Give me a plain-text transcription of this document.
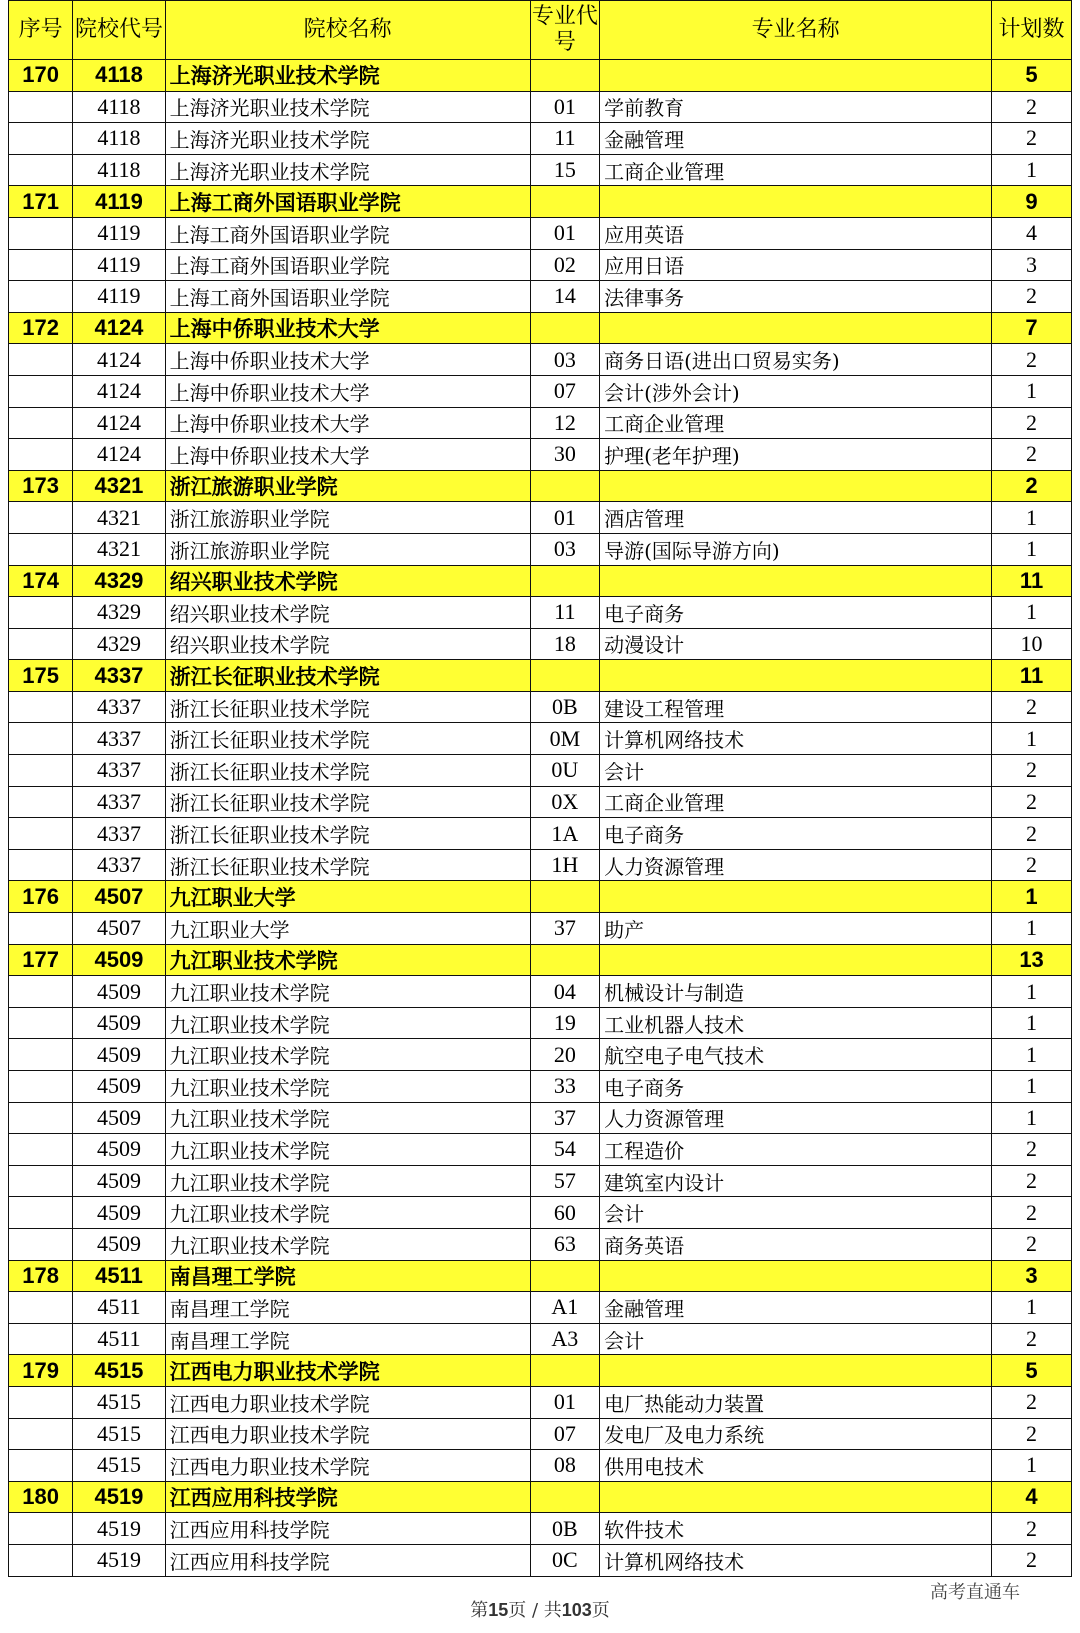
序号	院校代号	院校名称	专业代号	专业名称	计划数
170	4118	上海济光职业技术学院			5
	4118	上海济光职业技术学院	01	学前教育	2
	4118	上海济光职业技术学院	11	金融管理	2
	4118	上海济光职业技术学院	15	工商企业管理	1
171	4119	上海工商外国语职业学院			9
	4119	上海工商外国语职业学院	01	应用英语	4
	4119	上海工商外国语职业学院	02	应用日语	3
	4119	上海工商外国语职业学院	14	法律事务	2
172	4124	上海中侨职业技术大学			7
	4124	上海中侨职业技术大学	03	商务日语(进出口贸易实务)	2
	4124	上海中侨职业技术大学	07	会计(涉外会计)	1
	4124	上海中侨职业技术大学	12	工商企业管理	2
	4124	上海中侨职业技术大学	30	护理(老年护理)	2
173	4321	浙江旅游职业学院			2
	4321	浙江旅游职业学院	01	酒店管理	1
	4321	浙江旅游职业学院	03	导游(国际导游方向)	1
174	4329	绍兴职业技术学院			11
	4329	绍兴职业技术学院	11	电子商务	1
	4329	绍兴职业技术学院	18	动漫设计	10
175	4337	浙江长征职业技术学院			11
	4337	浙江长征职业技术学院	0B	建设工程管理	2
	4337	浙江长征职业技术学院	0M	计算机网络技术	1
	4337	浙江长征职业技术学院	0U	会计	2
	4337	浙江长征职业技术学院	0X	工商企业管理	2
	4337	浙江长征职业技术学院	1A	电子商务	2
	4337	浙江长征职业技术学院	1H	人力资源管理	2
176	4507	九江职业大学			1
	4507	九江职业大学	37	助产	1
177	4509	九江职业技术学院			13
	4509	九江职业技术学院	04	机械设计与制造	1
	4509	九江职业技术学院	19	工业机器人技术	1
	4509	九江职业技术学院	20	航空电子电气技术	1
	4509	九江职业技术学院	33	电子商务	1
	4509	九江职业技术学院	37	人力资源管理	1
	4509	九江职业技术学院	54	工程造价	2
	4509	九江职业技术学院	57	建筑室内设计	2
	4509	九江职业技术学院	60	会计	2
	4509	九江职业技术学院	63	商务英语	2
178	4511	南昌理工学院			3
	4511	南昌理工学院	A1	金融管理	1
	4511	南昌理工学院	A3	会计	2
179	4515	江西电力职业技术学院			5
	4515	江西电力职业技术学院	01	电厂热能动力装置	2
	4515	江西电力职业技术学院	07	发电厂及电力系统	2
	4515	江西电力职业技术学院	08	供用电技术	1
180	4519	江西应用科技学院			4
	4519	江西应用科技学院	0B	软件技术	2
	4519	江西应用科技学院	0C	计算机网络技术	2
第15页 / 共103页
高考直通车
